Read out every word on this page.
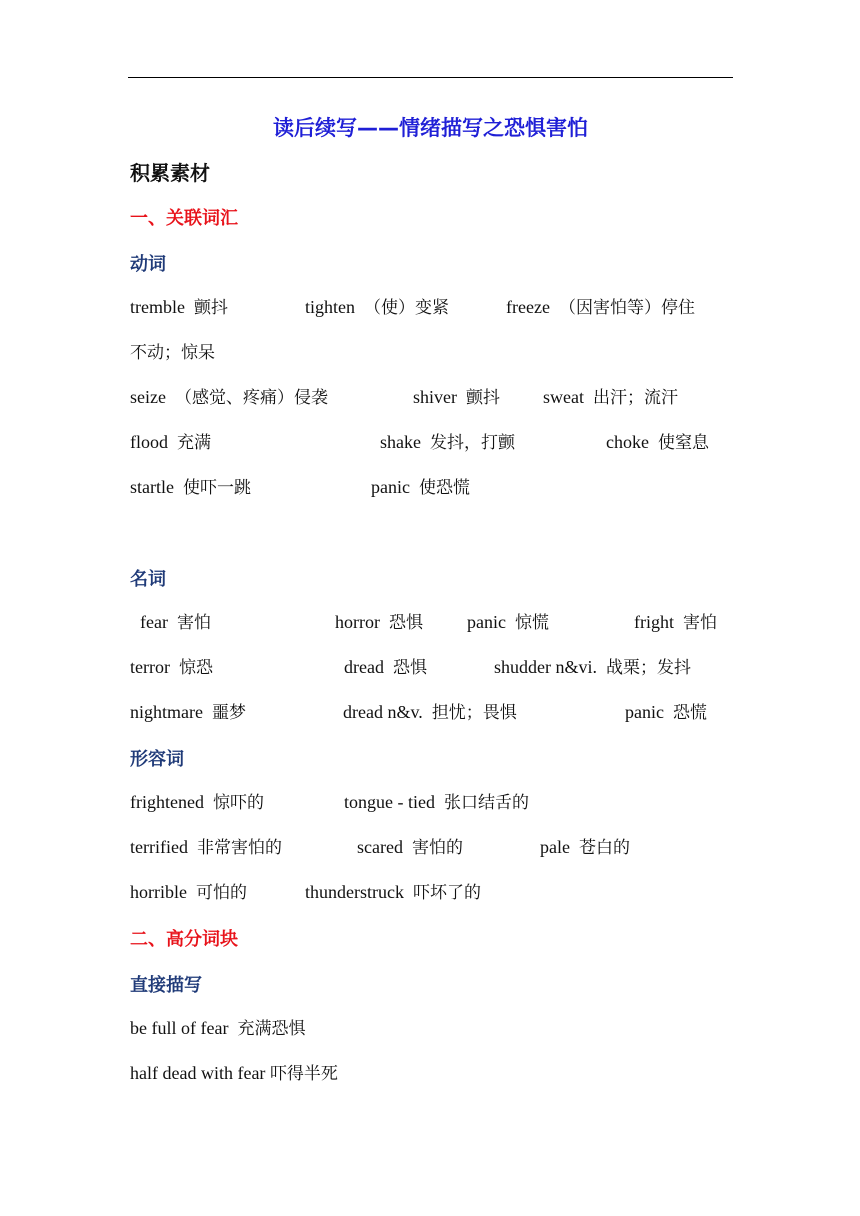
读后续写——情绪描写之恐惧害怕
积累素材
一、关联词汇
动词
tremble 颤抖	tighten （使）变紧	freeze （因害怕等）停住
不动；惊呆
seize （感觉、疼痛）侵袭	shiver 颤抖 sweat 出汗；流汗
flood 充满	shake 发抖，打颤	choke 使窒息
startle 使吓一跳	panic 使恐慌
名词
fear 害怕	horror 恐惧 panic 惊慌	fright 害怕
terror 惊恐	dread 恐惧	shudder n&vi. 战栗；发抖
nightmare 噩梦	dread n&v. 担忧；畏惧	panic 恐慌
形容词
frightened 惊吓的	tongue - tied 张口结舌的
terrified 非常害怕的	scared 害怕的	pale 苍白的
horrible 可怕的	thunderstruck 吓坏了的
二、高分词块
直接描写
be full of fear 充满恐惧
half dead with fear 吓得半死
